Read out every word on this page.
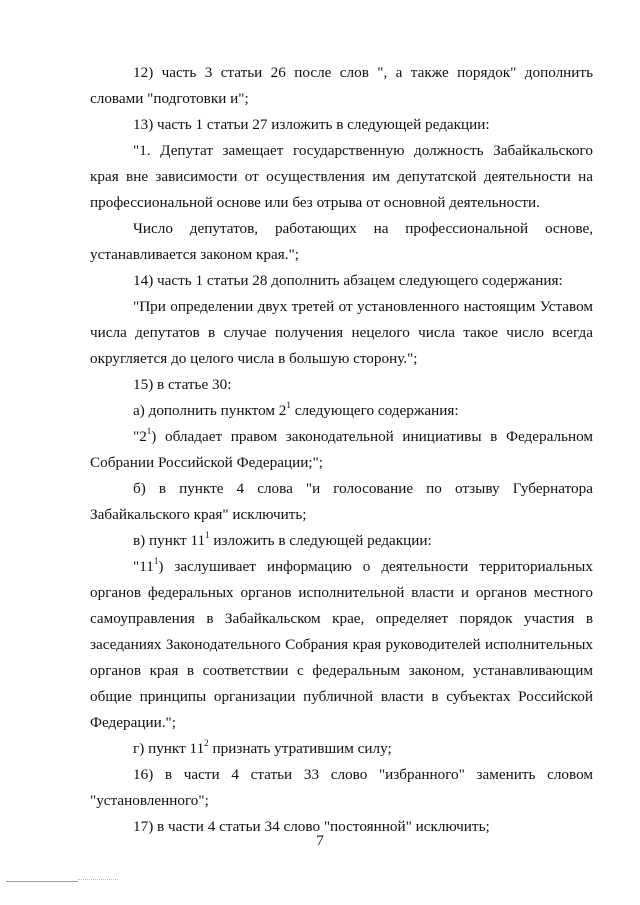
12) часть 3 статьи 26 после слов ", а также порядок" дополнить словами "подготовки и";

13) часть 1 статьи 27 изложить в следующей редакции:

"1. Депутат замещает государственную должность Забайкальского края вне зависимости от осуществления им депутатской деятельности на профессиональной основе или без отрыва от основной деятельности.

Число депутатов, работающих на профессиональной основе, устанавливается законом края.";

14) часть 1 статьи 28 дополнить абзацем следующего содержания:

"При определении двух третей от установленного настоящим Уставом числа депутатов в случае получения нецелого числа такое число всегда округляется до целого числа в большую сторону.";

15) в статье 30:

а) дополнить пунктом $2^1$ следующего содержания:

"$2^1$) обладает правом законодательной инициативы в Федеральном Собрании Российской Федерации;";

б) в пункте 4 слова "и голосование по отзыву Губернатора Забайкальского края" исключить;

в) пункт $11^1$ изложить в следующей редакции:

"$11^1$) заслушивает информацию о деятельности территориальных органов федеральных органов исполнительной власти и органов местного самоуправления в Забайкальском крае, определяет порядок участия в заседаниях Законодательного Собрания края руководителей исполнительных органов края в соответствии с федеральным законом, устанавливающим общие принципы организации публичной власти в субъектах Российской Федерации.";

г) пункт $11^2$ признать утратившим силу;

16) в части 4 статьи 33 слово "избранного" заменить словом "установленного";

17) в части 4 статьи 34 слово "постоянной" исключить;

7
